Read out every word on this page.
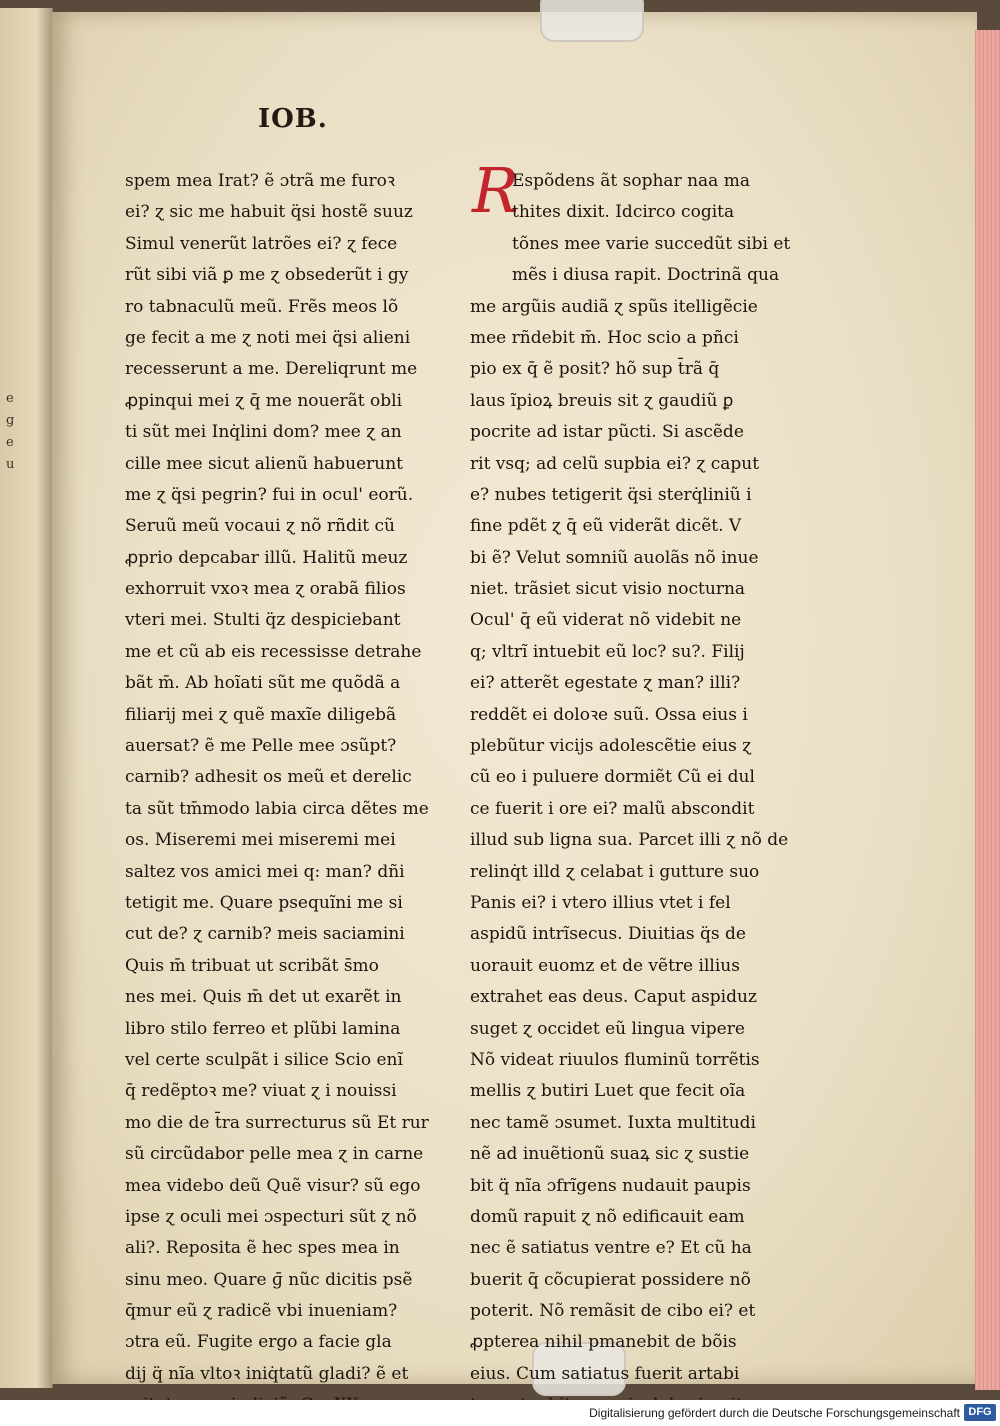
e
g
e
u
IOB.
spem mea Irat? ẽ ɔtrã me furoꝛ
ei? ɀ sic me habuit q̈si hostẽ suuz
Simul venerũt latrões ei? ɀ fece
rũt sibi viã ꝑ me ɀ obsederũt i gy
ro tabnaculũ meũ. Frẽs meos lõ
ge fecit a me ɀ noti mei q̈si alieni
recesserunt a me. Dereliqrunt me
ꝓpinqui mei ɀ q̄ me nouerãt obli
ti sũt mei Inq̇lini dom? mee ɀ an
cille mee sicut alienũ habuerunt
me ɀ q̈si pegrin? fui in ocul' eorũ.
Seruũ meũ vocaui ɀ nõ rñdit cũ
ꝓprio depcabar illũ. Halitũ meuz
exhorruit vxoꝛ mea ɀ orabã filios
vteri mei. Stulti q̈z despiciebant
me et cũ ab eis recessisse detrahe
bãt m̄. Ab hoĩati sũt me quõdã a
filiarij mei ɀ quẽ maxĩe diligebã
auersat? ẽ me Pelle mee ɔsũpt?
carnib? adhesit os meũ et derelic
ta sũt tm̄modo labia circa dẽtes me
os. Miseremi mei miseremi mei
saltez vos amici mei q: man? dñi
tetigit me. Quare psequĩni me si
cut de? ɀ carnib? meis saciamini
Quis m̄ tribuat ut scribãt s̄mo
nes mei. Quis m̄ det ut exarẽt in
libro stilo ferreo et plũbi lamina
vel certe sculpãt i silice Scio enĩ
q̄ redẽptoꝛ me? viuat ɀ i nouissi
mo die de t̄ra surrecturus sũ Et rur
sũ circũdabor pelle mea ɀ in carne
mea videbo deũ Quẽ visur? sũ ego
ipse ɀ oculi mei ɔspecturi sũt ɀ nõ
ali?. Reposita ẽ hec spes mea in
sinu meo. Quare ɡ̄ nũc dicitis psẽ
q̄mur eũ ɀ radicẽ vbi inueniam?
ɔtra eũ. Fugite ergo a facie gla
dij q̈ nĩa vltoꝛ iniq̇tatũ gladi? ẽ et
R
Espõdens ãt sophar naa ma
thites dixit. Idcirco cogita
tõnes mee varie succedũt sibi et
mẽs i diusa rapit. Doctrinã qua
me argũis audiã ɀ spũs itelligẽcie
mee rñdebit m̄. Hoc scio a pñci
pio ex q̄ ẽ posit? hõ sup t̄rã q̄
laus ĩpioꝝ breuis sit ɀ gaudiũ ꝑ
pocrite ad istar pũcti. Si ascẽde
rit vsq; ad celũ supbia ei? ɀ caput
e? nubes tetigerit q̈si sterq̇liniũ i
fine pdẽt ɀ q̄ eũ viderãt dicẽt. V
bi ẽ? Velut somniũ auolãs nõ inue
niet. trãsiet sicut visio nocturna
Ocul' q̄ eũ viderat nõ videbit ne
q; vltrĩ intuebit eũ loc? su?. Filij
ei? atterẽt egestate ɀ man? illi?
reddẽt ei doloꝛe suũ. Ossa eius i
plebũtur vicijs adolescẽtie eius ɀ
cũ eo i puluere dormiẽt Cũ ei dul
ce fuerit i ore ei? malũ abscondit
illud sub ligna sua. Parcet illi ɀ nõ de
relinq̇t illd ɀ celabat i gutture suo
Panis ei? i vtero illius vtet i fel
aspidũ intrĩsecus. Diuitias q̈s de
uorauit euomz et de vẽtre illius
extrahet eas deus. Caput aspiduz
suget ɀ occidet eũ lingua vipere
Nõ videat riuulos fluminũ torrẽtis
mellis ɀ butiri Luet que fecit oĩa
nec tamẽ ɔsumet. Iuxta multitudi
nẽ ad inuẽtionũ suaꝝ sic ɀ sustie
bit q̈ nĩa ɔfrĩgens nudauit paupis
domũ rapuit ɀ nõ edificauit eam
nec ẽ satiatus ventre e? Et cũ ha
buerit q̄ cõcupierat possidere nõ
poterit. Nõ remãsit de cibo ei? et
ꝓpterea nihil pmanebit de bõis
eius. Cum satiatus fuerit artabi
Digitalisierung gefördert durch die Deutsche Forschungsgemeinschaft DFG
